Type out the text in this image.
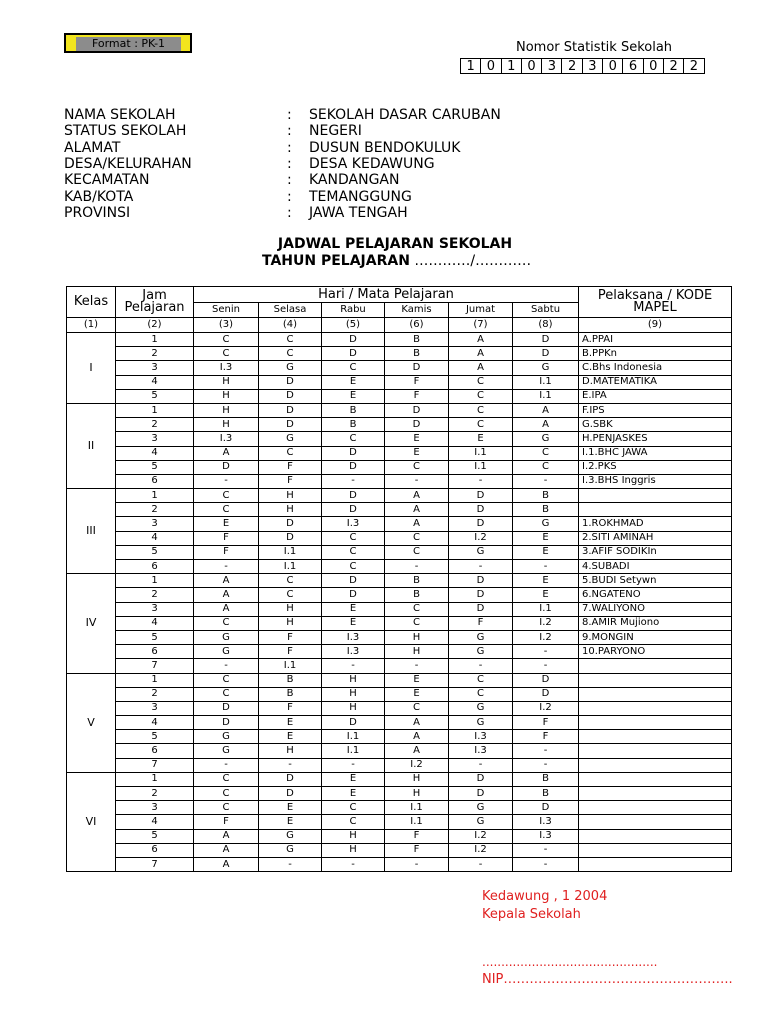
Format : PK-1	Nomor Statistik Sekolah
1 0 1 0 3 2 3 0 6 0 2 2
NAMA SEKOLAH	: SEKOLAH DASAR CARUBAN
STATUS SEKOLAH	: NEGERI
ALAMAT	: DUSUN BENDOKULUK
DESA/KELURAHAN	: DESA KEDAWUNG
KECAMATAN	: KANDANGAN
KAB/KOTA	: TEMANGGUNG
PROVINSI	: JAWA TENGAH
JADWAL PELAJARAN SEKOLAH
TAHUN PELAJARAN …………/…………
Kelas	Jam Pelajaran	Hari / Mata Pelajaran						Pelaksana / KODE MAPEL
		Senin	Selasa	Rabu	Kamis	Jumat	Sabtu	
(1)	(2)	(3)	(4)	(5)	(6)	(7)	(8)	(9)
I	1	C	C	D	B	A	D	A.PPAI
	2	C	C	D	B	A	D	B.PPKn
	3	I.3	G	C	D	A	G	C.Bhs Indonesia
	4	H	D	E	F	C	I.1	D.MATEMATIKA
	5	H	D	E	F	C	I.1	E.IPA
II	1	H	D	B	D	C	A	F.IPS
	2	H	D	B	D	C	A	G.SBK
	3	I.3	G	C	E	E	G	H.PENJASKES
	4	A	C	D	E	I.1	C	I.1.BHC JAWA
	5	D	F	D	C	I.1	C	I.2.PKS
	6	-	F	-	-	-	-	I.3.BHS Inggris
III	1	C	H	D	A	D	B	
	2	C	H	D	A	D	B	
	3	E	D	I.3	A	D	G	1.ROKHMAD
	4	F	D	C	C	I.2	E	2.SITI AMINAH
	5	F	I.1	C	C	G	E	3.AFIF SODIKIn
	6	-	I.1	C	-	-	-	4.SUBADI
IV	1	A	C	D	B	D	E	5.BUDI Setywn
	2	A	C	D	B	D	E	6.NGATENO
	3	A	H	E	C	D	I.1	7.WALIYONO
	4	C	H	E	C	F	I.2	8.AMIR Mujiono
	5	G	F	I.3	H	G	I.2	9.MONGIN
	6	G	F	I.3	H	G	-	10.PARYONO
	7	-	I.1	-	-	-	-	
V	1	C	B	H	E	C	D	
	2	C	B	H	E	C	D	
	3	D	F	H	C	G	I.2	
	4	D	E	D	A	G	F	
	5	G	E	I.1	A	I.3	F	
	6	G	H	I.1	A	I.3	-	
	7	-	-	-	I.2	-	-	
VI	1	C	D	E	H	D	B	
	2	C	D	E	H	D	B	
	3	C	E	C	I.1	G	D	
	4	F	E	C	I.1	G	I.3	
	5	A	G	H	F	I.2	I.3	
	6	A	G	H	F	I.2	-	
	7	A	-	-	-	-	-	
Kedawung , 1 2004
Kepala Sekolah
..............................................
NIP……………………………………………..
